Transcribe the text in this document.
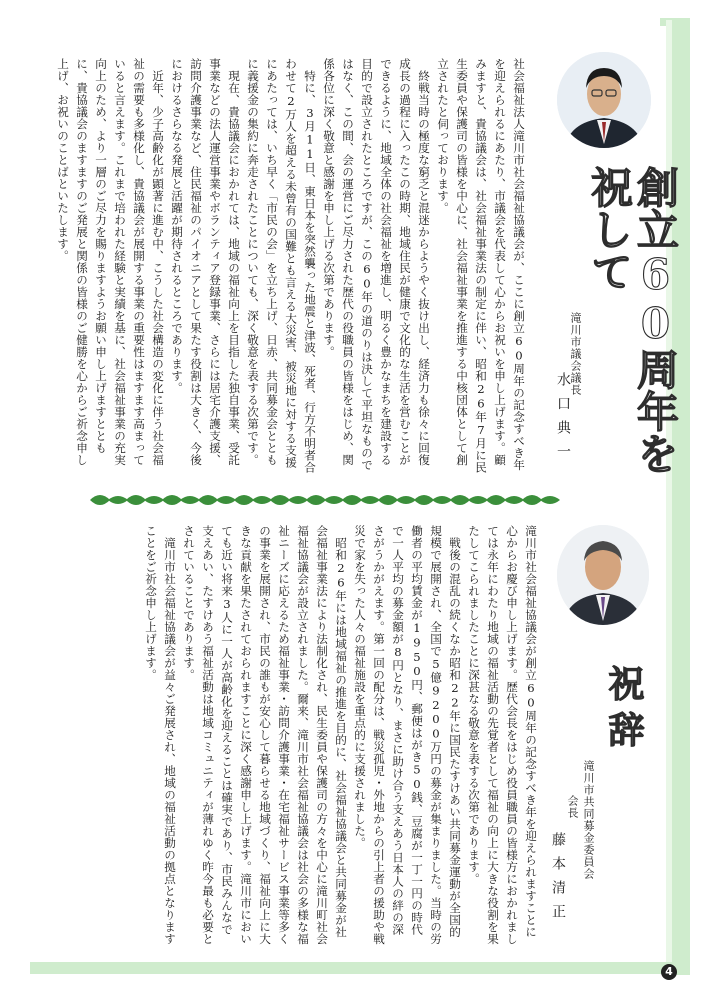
4
創立60周年を祝して
滝川市議会議長
水口典一

社会福祉法人滝川市社会福祉協議会が、ここに創立60周年の記念すべき年を迎えられるにあたり、市議会を代表して心からお祝いを申し上げます。顧みますと、貴協議会は、社会福祉事業法の制定に伴い、昭和26年7月に民生委員や保護司の皆様を中心に、社会福祉事業を推進する中核団体として創立されたと伺っております。

終戦当時の極度な窮乏と混迷からようやく抜け出し、経済力も徐々に回復成長の過程に入ったこの時期、地域住民が健康で文化的な生活を営むことができるように、地域全体の社会福祉を増進し、明るく豊かなまちを建設する目的で設立されたところですが、この60年の道のりは決して平坦なものではなく、この間、会の運営にご尽力された歴代の役職員の皆様をはじめ、関係各位に深く敬意と感謝を申し上げる次第であります。

特に、3月11日、東日本を突然襲った地震と津波、死者、行方不明者合わせて2万人を超える未曾有の国難とも言える大災害、被災地に対する支援にあたっては、いち早く「市民の会」を立ち上げ、日赤、共同募金会とともに義援金の集約に奔走されたことについても、深く敬意を表する次第です。

現在、貴協議会におかれては、地域の福祉向上を目指した独自事業、受託事業などの法人運営事業やボランティア登録事業、さらには居宅介護支援、訪問介護事業など、住民福祉のパイオニアとして果たす役割は大きく、今後におけるさらなる発展と活躍が期待されるところであります。

近年、少子高齢化が顕著に進む中、こうした社会構造の変化に伴う社会福祉の需要も多様化し、貴協議会が展開する事業の重要性はますます高まっていると言えます。これまで培われた経験と実績を基に、社会福祉事業の充実向上のため、より一層のご尽力を賜りますようお願い申し上げますとともに、貴協議会のますますのご発展と関係の皆様のご健勝を心からご祈念申し上げ、お祝いのことばといたします。

祝辞
滝川市共同募金委員会
会長
藤本清正

滝川市社会福祉協議会が創立60周年の記念すべき年を迎えられますことに心からお慶び申し上げます。歴代会長をはじめ役員職員の皆様方におかれましては永年にわたり地域の福祉活動の先覚者として福祉の向上に大きな役割を果たしてこられましたことに深甚なる敬意を表する次第であります。

戦後の混乱の続くなか昭和22年に国民たすけあい共同募金運動が全国的規模で展開され、全国で5億9200万円の募金が集まりました。当時の労働者の平均賃金が1950円、郵便はがき50銭、豆腐が一丁一円の時代で一人平均の募金額が8円となり、まさに助け合う支えあう日本人の絆の深さがうかがえます。第一回の配分は、戦災孤児・外地からの引上者の援助や戦災で家を失った人々の福祉施設を重点的に支援されました。

昭和26年には地域福祉の推進を目的に、社会福祉協議会と共同募金が社会福祉事業法により法制化され、民生委員や保護司の方々を中心に滝川町社会福祉協議会が設立されました。爾来、滝川市社会福祉協議会は社会の多様な福祉ニーズに応えるため福祉事業・訪問介護事業・在宅福祉サービス事業等多くの事業を展開され、市民の誰もが安心して暮らせる地域づくり、福祉向上に大きな貢献を果たされておられますことに深く感謝申し上げます。滝川市においても近い将来3人に一人が高齢化を迎えることは確実であり、市民みんなで支えあい、たすけあう福祉活動は地域コミュニティが薄れゆく昨今最も必要とされていることであります。

滝川市社会福祉協議会が益々ご発展され、地域の福祉活動の拠点となりますことをご祈念申し上げます。
